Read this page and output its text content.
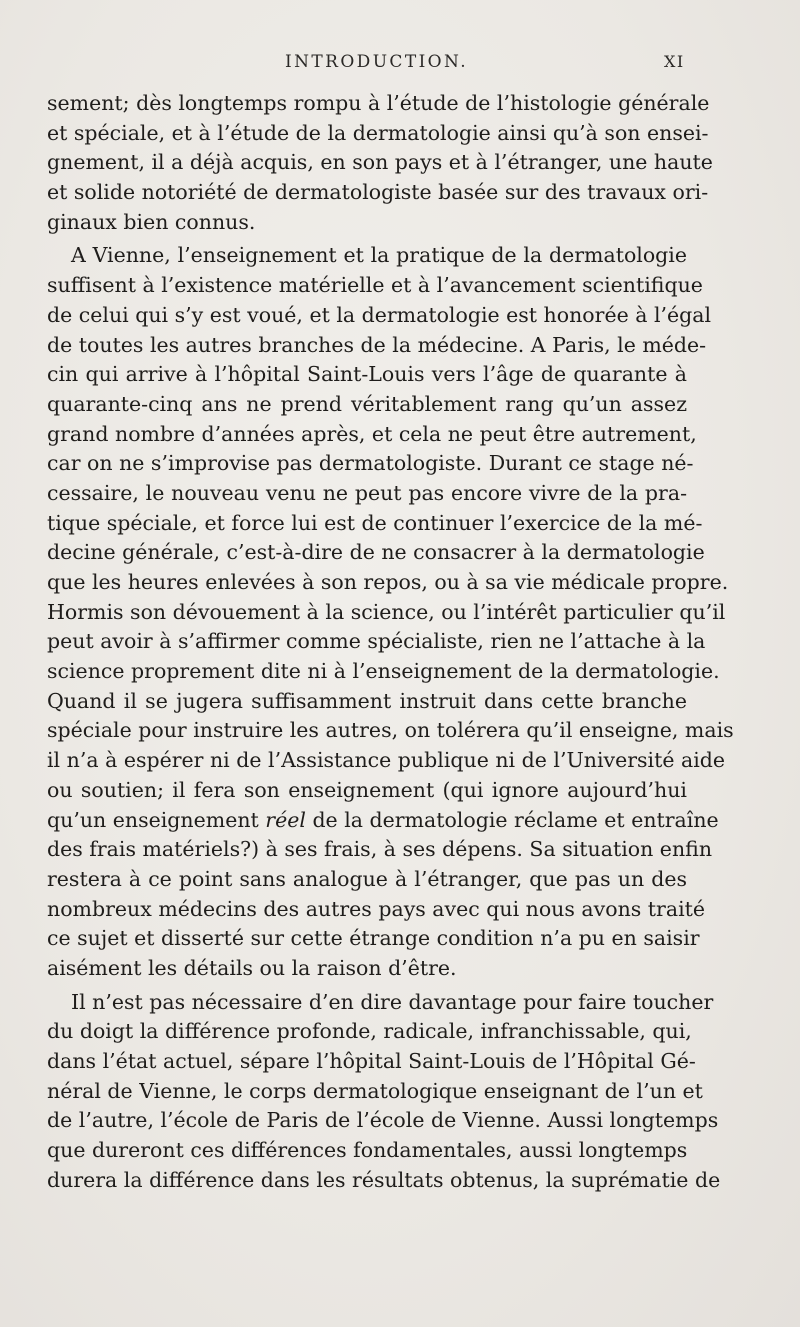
INTRODUCTION.	XI
sement; dès longtemps rompu à l’étude de l’histologie générale
et spéciale, et à l’étude de la dermatologie ainsi qu’à son ensei-
gnement, il a déjà acquis, en son pays et à l’étranger, une haute
et solide notoriété de dermatologiste basée sur des travaux ori-
ginaux bien connus.
A Vienne, l’enseignement et la pratique de la dermatologie
suffisent à l’existence matérielle et à l’avancement scientifique
de celui qui s’y est voué, et la dermatologie est honorée à l’égal
de toutes les autres branches de la médecine. A Paris, le méde-
cin qui arrive à l’hôpital Saint-Louis vers l’âge de quarante à
quarante-cinq ans ne prend véritablement rang qu’un assez
grand nombre d’années après, et cela ne peut être autrement,
car on ne s’improvise pas dermatologiste. Durant ce stage né-
cessaire, le nouveau venu ne peut pas encore vivre de la pra-
tique spéciale, et force lui est de continuer l’exercice de la mé-
decine générale, c’est-à-dire de ne consacrer à la dermatologie
que les heures enlevées à son repos, ou à sa vie médicale propre.
Hormis son dévouement à la science, ou l’intérêt particulier qu’il
peut avoir à s’affirmer comme spécialiste, rien ne l’attache à la
science proprement dite ni à l’enseignement de la dermatologie.
Quand il se jugera suffisamment instruit dans cette branche
spéciale pour instruire les autres, on tolérera qu’il enseigne, mais
il n’a à espérer ni de l’Assistance publique ni de l’Université aide
ou soutien; il fera son enseignement (qui ignore aujourd’hui
qu’un enseignement réel de la dermatologie réclame et entraîne
des frais matériels?) à ses frais, à ses dépens. Sa situation enfin
restera à ce point sans analogue à l’étranger, que pas un des
nombreux médecins des autres pays avec qui nous avons traité
ce sujet et disserté sur cette étrange condition n’a pu en saisir
aisément les détails ou la raison d’être.
Il n’est pas nécessaire d’en dire davantage pour faire toucher
du doigt la différence profonde, radicale, infranchissable, qui,
dans l’état actuel, sépare l’hôpital Saint-Louis de l’Hôpital Gé-
néral de Vienne, le corps dermatologique enseignant de l’un et
de l’autre, l’école de Paris de l’école de Vienne. Aussi longtemps
que dureront ces différences fondamentales, aussi longtemps
durera la différence dans les résultats obtenus, la suprématie de
